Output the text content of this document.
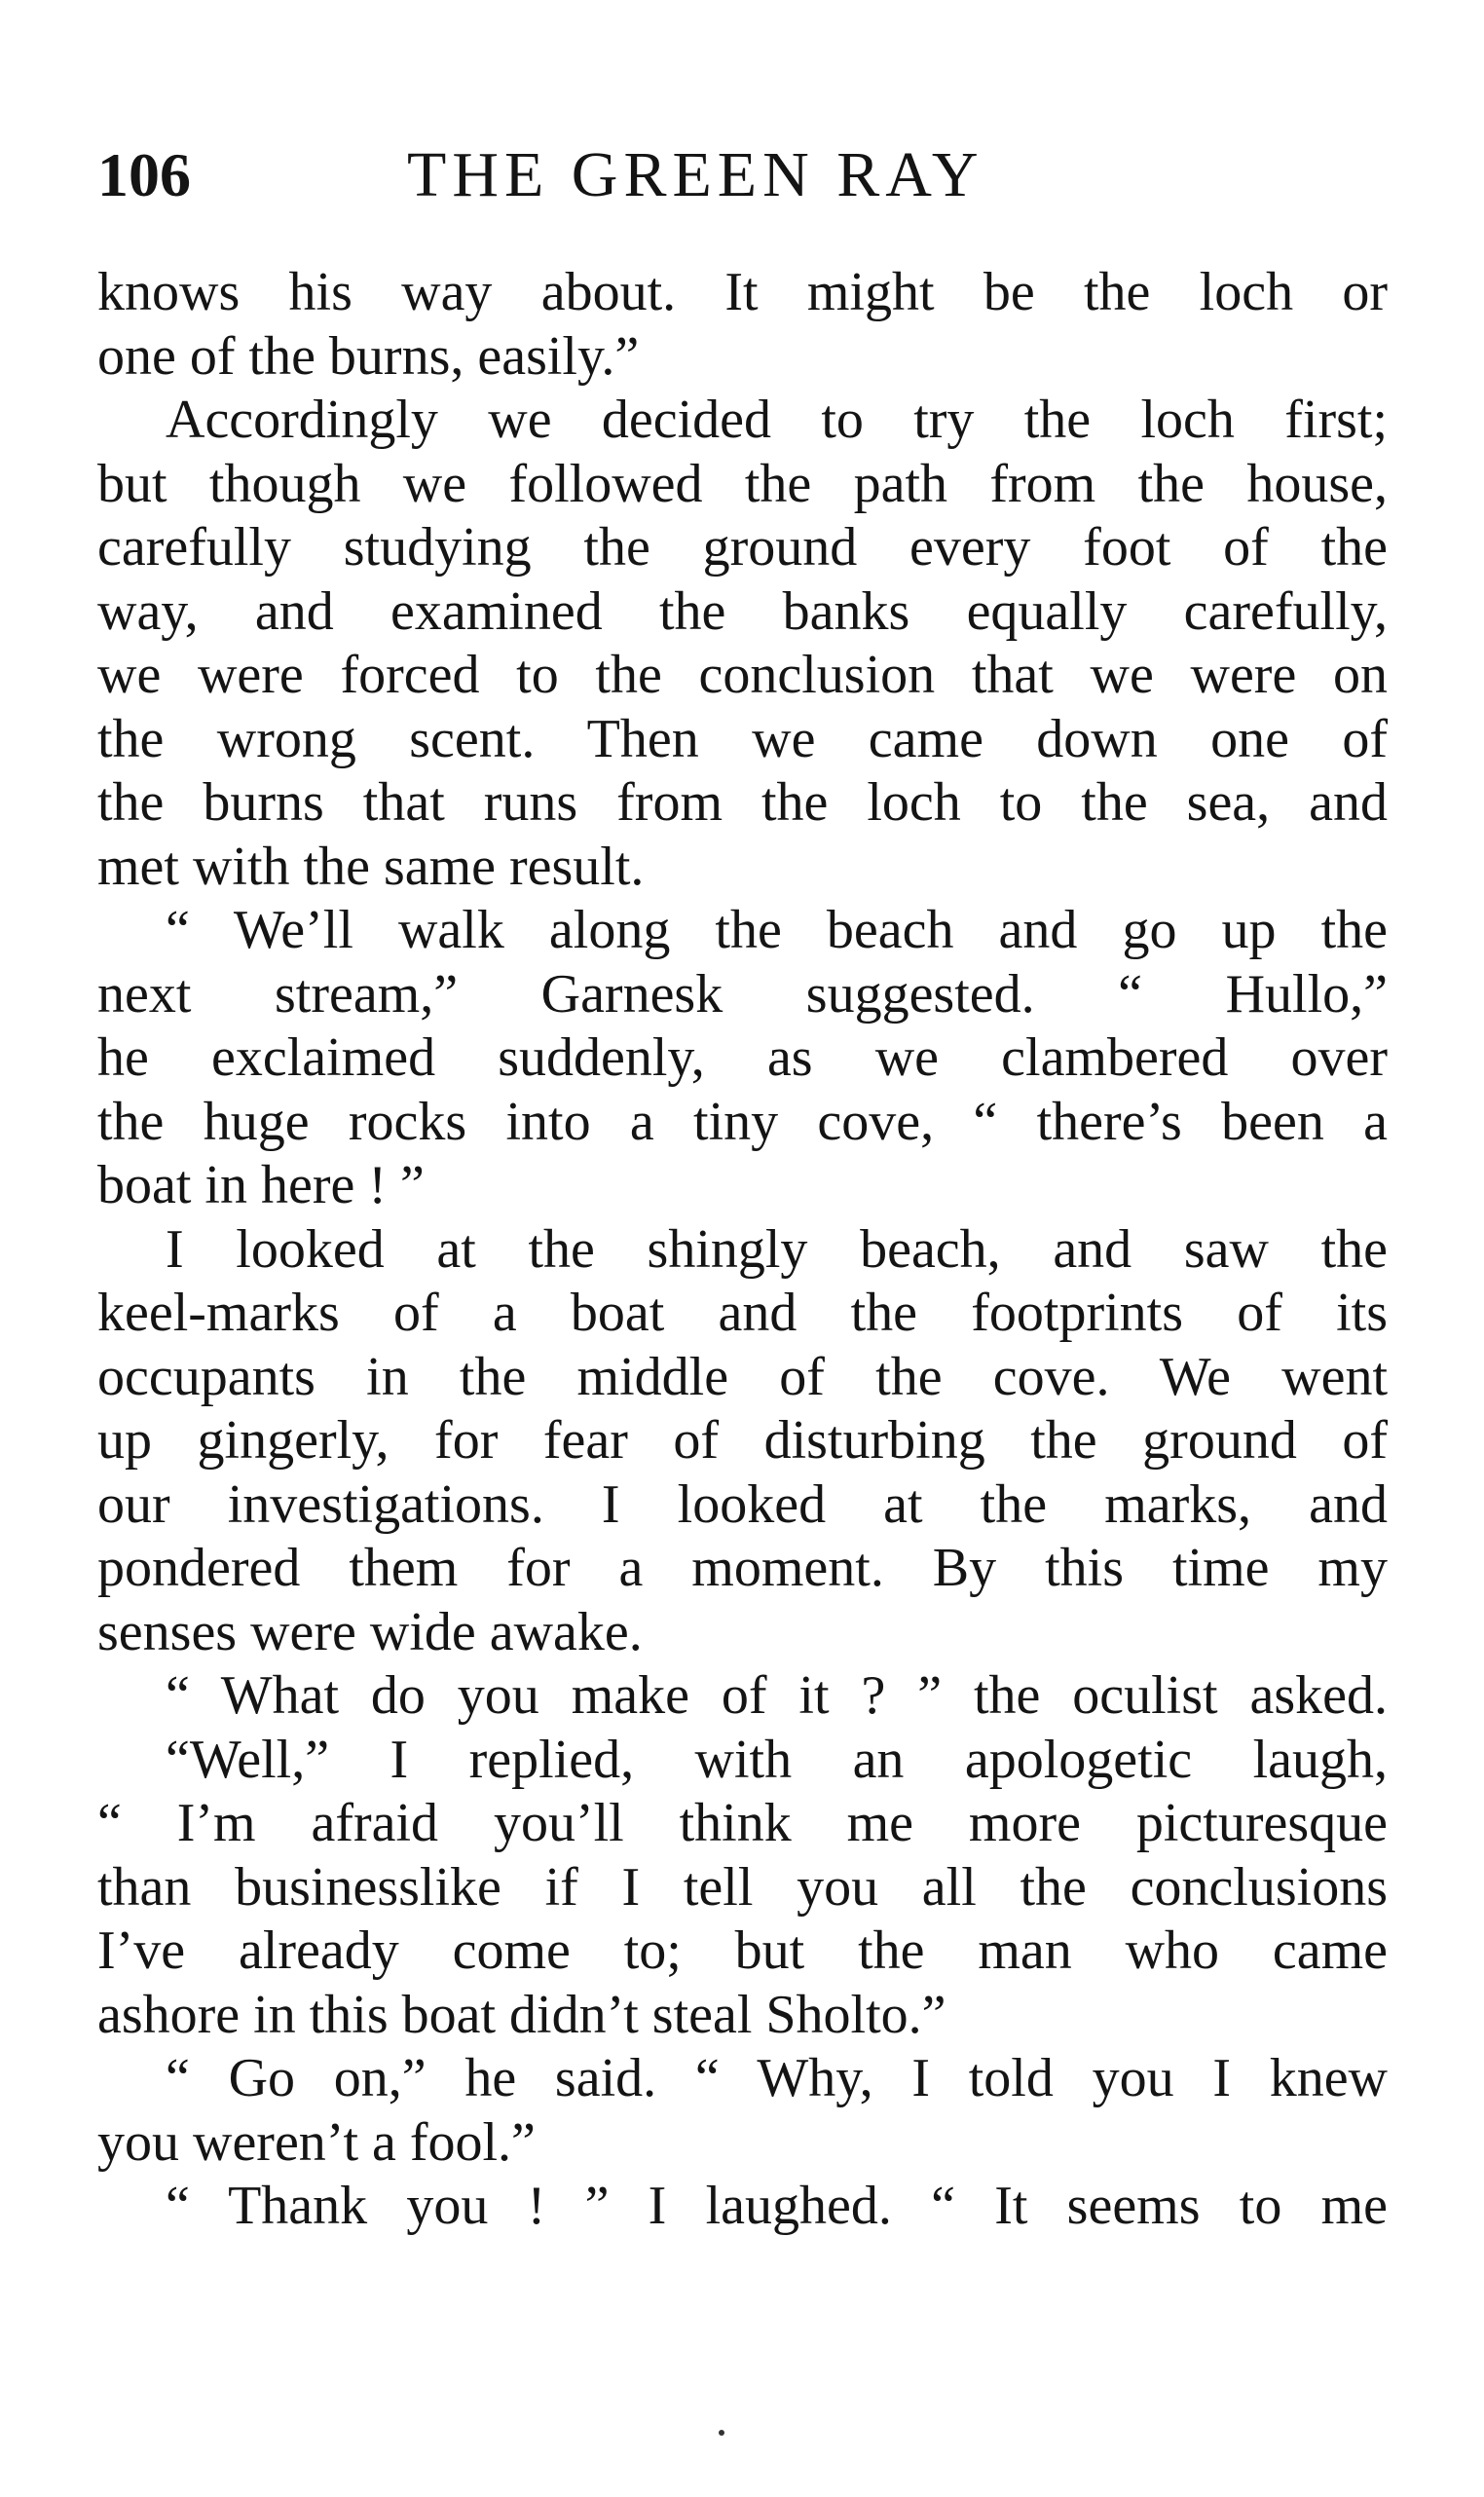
106	THE GREEN RAY
knows his way about. It might be the loch or
one of the burns, easily.”
Accordingly we decided to try the loch first;
but though we followed the path from the house,
carefully studying the ground every foot of the
way, and examined the banks equally carefully,
we were forced to the conclusion that we were on
the wrong scent. Then we came down one of
the burns that runs from the loch to the sea, and
met with the same result.
“ We’ll walk along the beach and go up the
next stream,” Garnesk suggested. “ Hullo,”
he exclaimed suddenly, as we clambered over
the huge rocks into a tiny cove, “ there’s been a
boat in here ! ”
I looked at the shingly beach, and saw the
keel-marks of a boat and the footprints of its
occupants in the middle of the cove. We went
up gingerly, for fear of disturbing the ground of
our investigations. I looked at the marks, and
pondered them for a moment. By this time my
senses were wide awake.
“ What do you make of it ? ” the oculist asked.
“Well,” I replied, with an apologetic laugh,
“ I’m afraid you’ll think me more picturesque
than businesslike if I tell you all the conclusions
I’ve already come to; but the man who came
ashore in this boat didn’t steal Sholto.”
“ Go on,” he said. “ Why, I told you I knew
you weren’t a fool.”
“ Thank you ! ” I laughed. “ It seems to me
